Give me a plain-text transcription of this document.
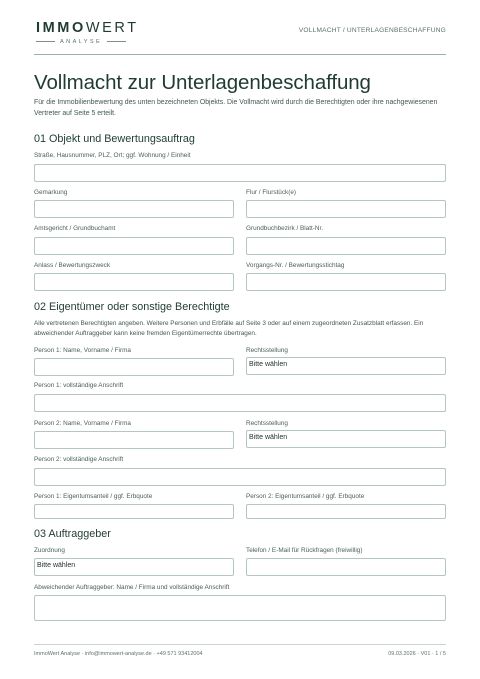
IMMOWERT
ANALYSE
VOLLMACHT / UNTERLAGENBESCHAFFUNG
Vollmacht zur Unterlagenbeschaffung

Für die Immobilienbewertung des unten bezeichneten Objekts. Die Vollmacht wird durch die Berechtigten oder ihre nachgewiesenen Vertreter auf Seite 5 erteilt.

01 Objekt und Bewertungsauftrag
Straße, Hausnummer, PLZ, Ort; ggf. Wohnung / Einheit
Gemarkung	Flur / Flurstück(e)
Amtsgericht / Grundbuchamt	Grundbuchbezirk / Blatt-Nr.
Anlass / Bewertungszweck	Vorgangs-Nr. / Bewertungsstichtag
02 Eigentümer oder sonstige Berechtigte

Alle vertretenen Berechtigten angeben. Weitere Personen und Erbfälle auf Seite 3 oder auf einem zugeordneten Zusatzblatt erfassen. Ein abweichender Auftraggeber kann keine fremden Eigentümerrechte übertragen.

Person 1: Name, Vorname / Firma	Rechtsstellung
Bitte wählen
Person 1: vollständige Anschrift
Person 2: Name, Vorname / Firma	Rechtsstellung
Bitte wählen
Person 2: vollständige Anschrift
Person 1: Eigentumsanteil / ggf. Erbquote	Person 2: Eigentumsanteil / ggf. Erbquote
03 Auftraggeber
Zuordnung
Bitte wählen
Telefon / E-Mail für Rückfragen (freiwillig)
Abweichender Auftraggeber: Name / Firma und vollständige Anschrift
ImmoWert Analyse · info@immowert-analyse.de · +49 571 93412004	09.03.2026 · V01 · 1 / 5
